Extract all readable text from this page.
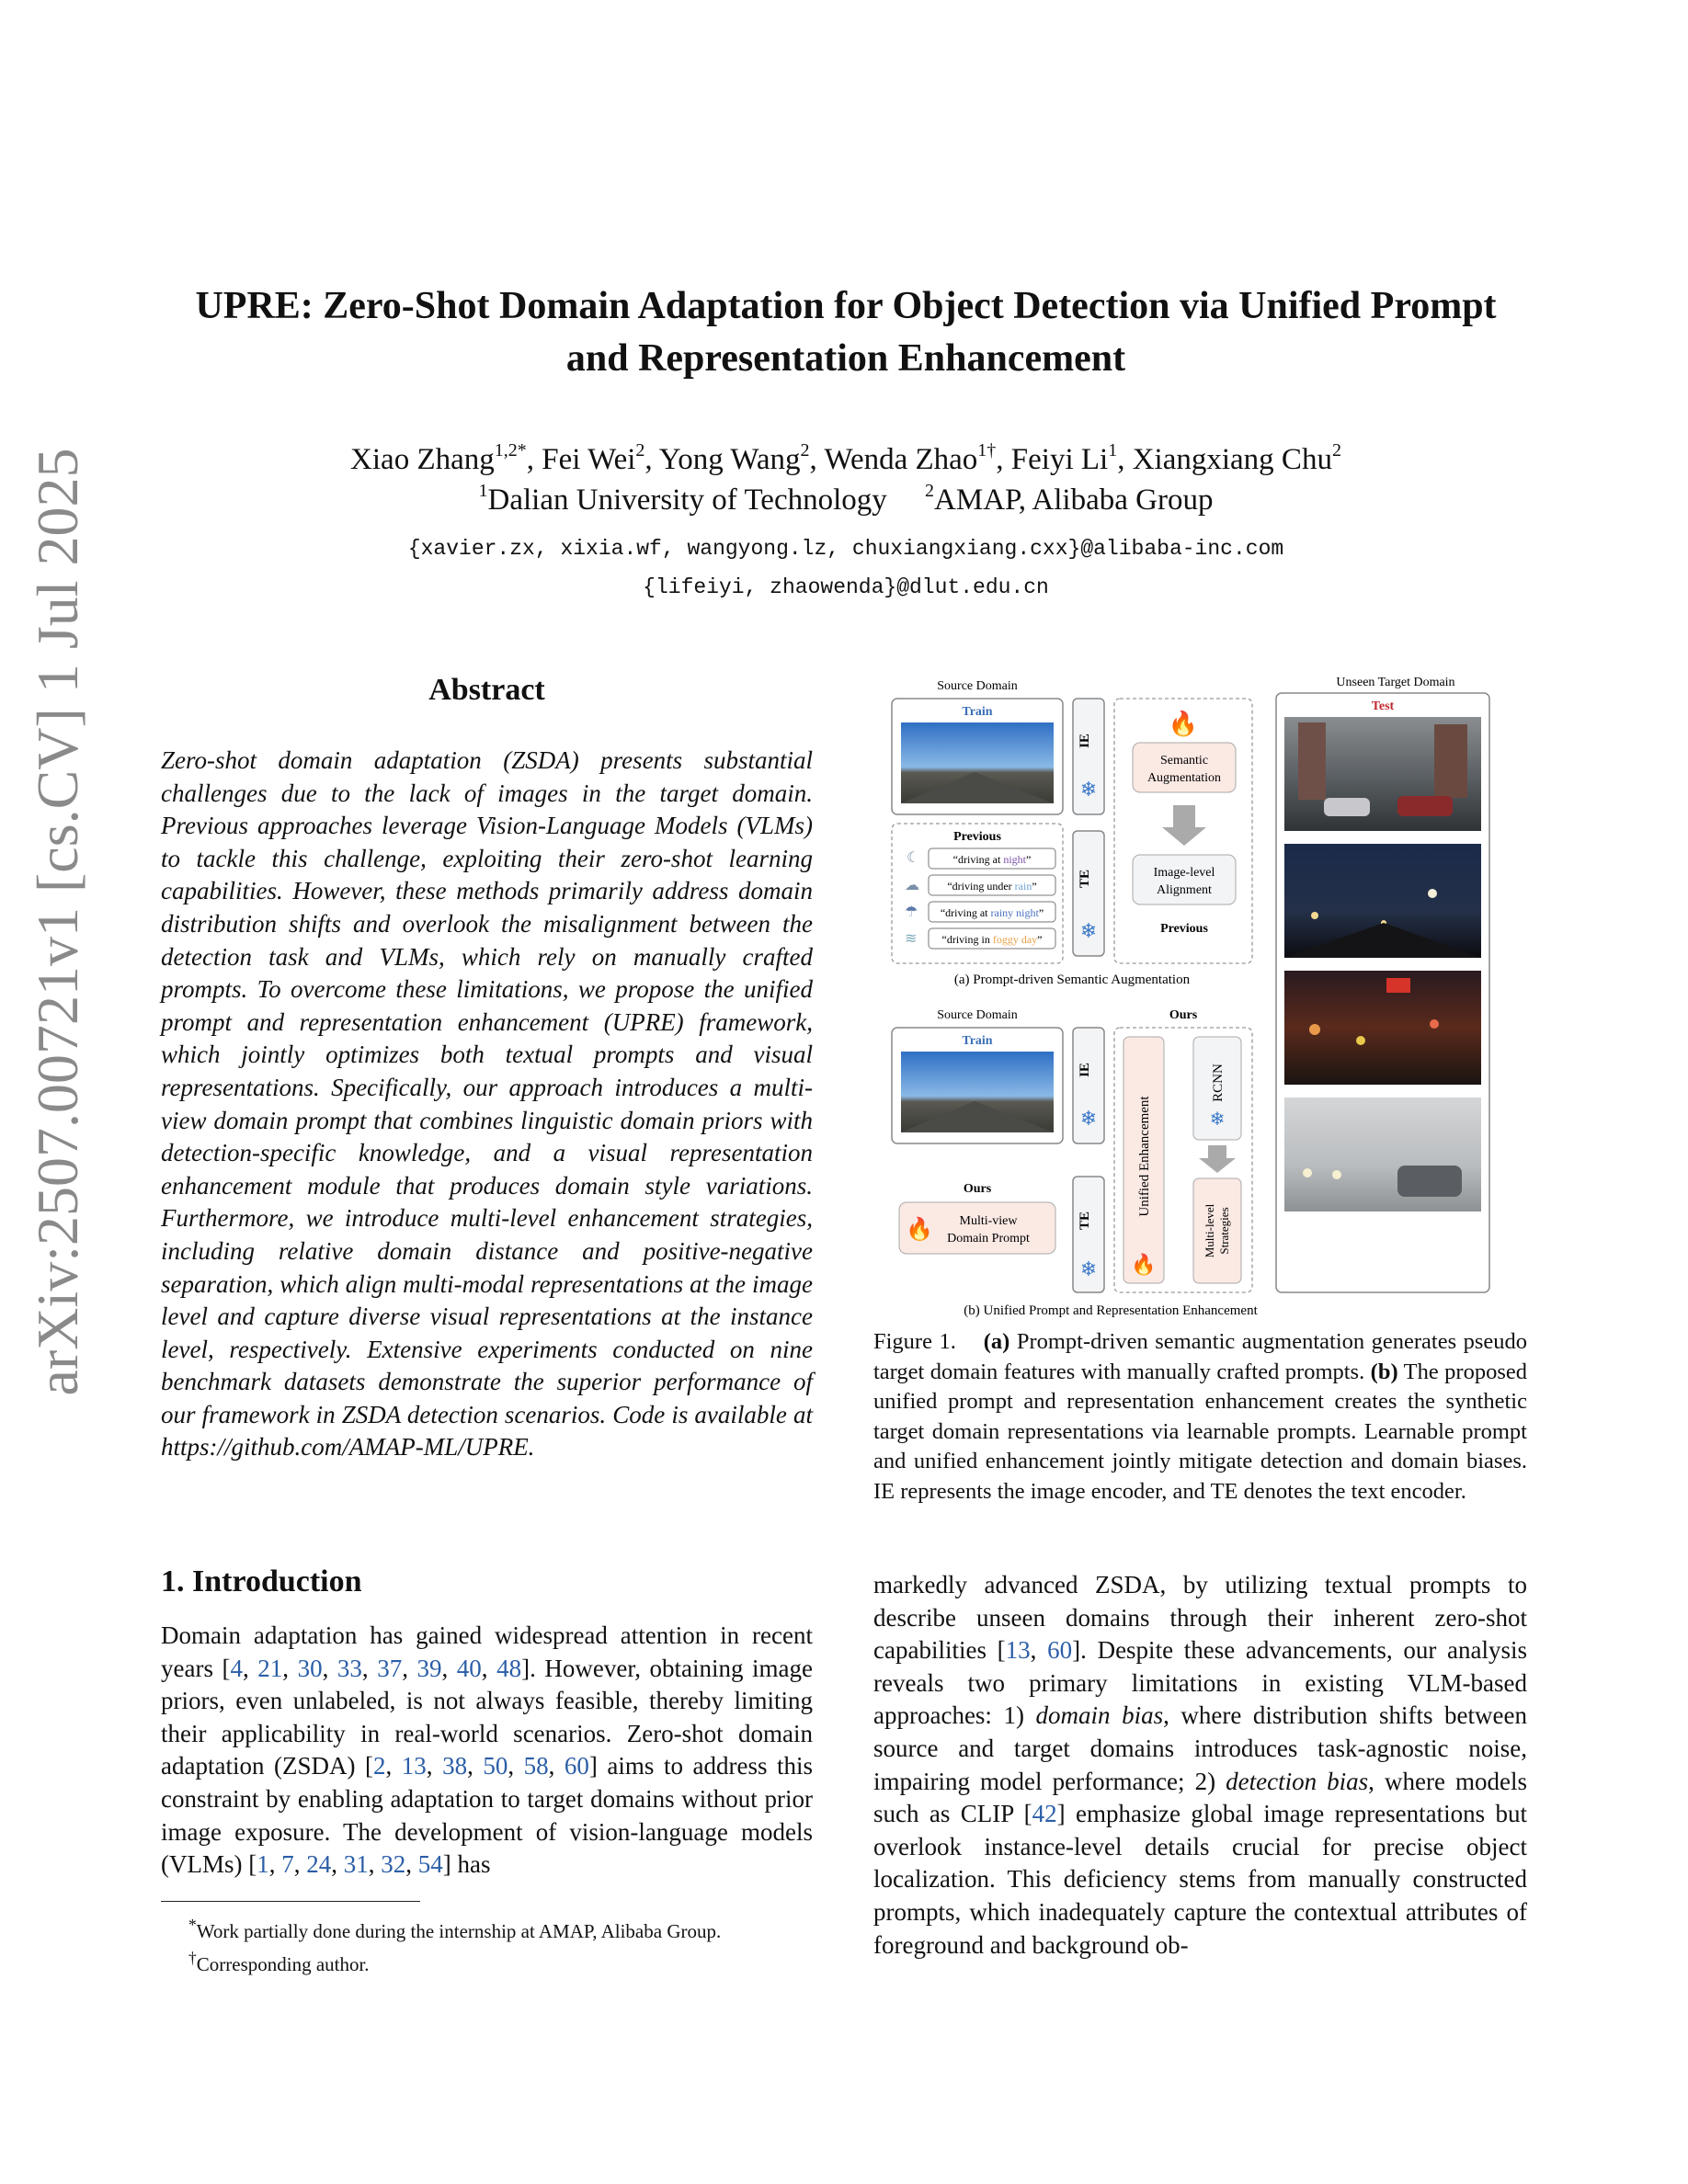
UPRE: Zero-Shot Domain Adaptation for Object Detection via Unified Prompt
and Representation Enhancement
Xiao Zhang$^{1,2*}$, Fei Wei$^2$, Yong Wang$^2$, Wenda Zhao$^{1\dagger}$, Feiyi Li$^1$, Xiangxiang Chu$^2$
$^1$Dalian University of Technology $^2$AMAP, Alibaba Group
{xavier.zx, xixia.wf, wangyong.lz, chuxiangxiang.cxx}@alibaba-inc.com
{lifeiyi, zhaowenda}@dlut.edu.cn
arXiv:2507.00721v1 [cs.CV] 1 Jul 2025	Abstract
Zero-shot domain adaptation (ZSDA) presents substantial challenges due to the lack of images in the target domain. Previous approaches leverage Vision-Language Models (VLMs) to tackle this challenge, exploiting their zero-shot learning capabilities. However, these methods primarily address domain distribution shifts and overlook the misalignment between the detection task and VLMs, which rely on manually crafted prompts. To overcome these limitations, we propose the unified prompt and representation enhancement (UPRE) framework, which jointly optimizes both textual prompts and visual representations. Specifically, our approach introduces a multi-view domain prompt that combines linguistic domain priors with detection-specific knowledge, and a visual representation enhancement module that produces domain style variations. Furthermore, we introduce multi-level enhancement strategies, including relative domain distance and positive-negative separation, which align multi-modal representations at the image level and capture diverse visual representations at the instance level, respectively. Extensive experiments conducted on nine benchmark datasets demonstrate the superior performance of our framework in ZSDA detection scenarios. Code is available at https://github.com/AMAP-ML/UPRE.
Source Domain
Train
IE
❄
Previous
☾	“driving at night”
☁	“driving under rain”
☂ “driving at rainy night”
≋ “driving in foggy day”
TE
❄
🔥
Semantic
Augmentation
Image-level
Alignment
Previous
(a) Prompt-driven Semantic Augmentation
Source Domain
Train
IE
❄
Ours
🔥 Multi-view
Domain Prompt
TE
❄
Ours
Unified Enhancement
🔥
RCNN
❄
Multi-level Strategies
(b) Unified Prompt and Representation Enhancement
Unseen Target Domain
Test
Figure 1. (a) Prompt-driven semantic augmentation generates pseudo target domain features with manually crafted prompts. (b) The proposed unified prompt and representation enhancement creates the synthetic target domain representations via learnable prompts. Learnable prompt and unified enhancement jointly mitigate detection and domain biases. IE represents the image encoder, and TE denotes the text encoder.
1. Introduction
Domain adaptation has gained widespread attention in recent years [4, 21, 30, 33, 37, 39, 40, 48]. However, obtaining image priors, even unlabeled, is not always feasible, thereby limiting their applicability in real-world scenarios. Zero-shot domain adaptation (ZSDA) [2, 13, 38, 50, 58, 60] aims to address this constraint by enabling adaptation to target domains without prior image exposure. The development of vision-language models (VLMs) [1, 7, 24, 31, 32, 54] has
markedly advanced ZSDA, by utilizing textual prompts to describe unseen domains through their inherent zero-shot capabilities [13, 60]. Despite these advancements, our analysis reveals two primary limitations in existing VLM-based approaches: 1) domain bias, where distribution shifts between source and target domains introduces task-agnostic noise, impairing model performance; 2) detection bias, where models such as CLIP [42] emphasize global image representations but overlook instance-level details crucial for precise object localization. This deficiency stems from manually constructed prompts, which inadequately capture the contextual attributes of foreground and background ob-
*Work partially done during the internship at AMAP, Alibaba Group.
†Corresponding author.
